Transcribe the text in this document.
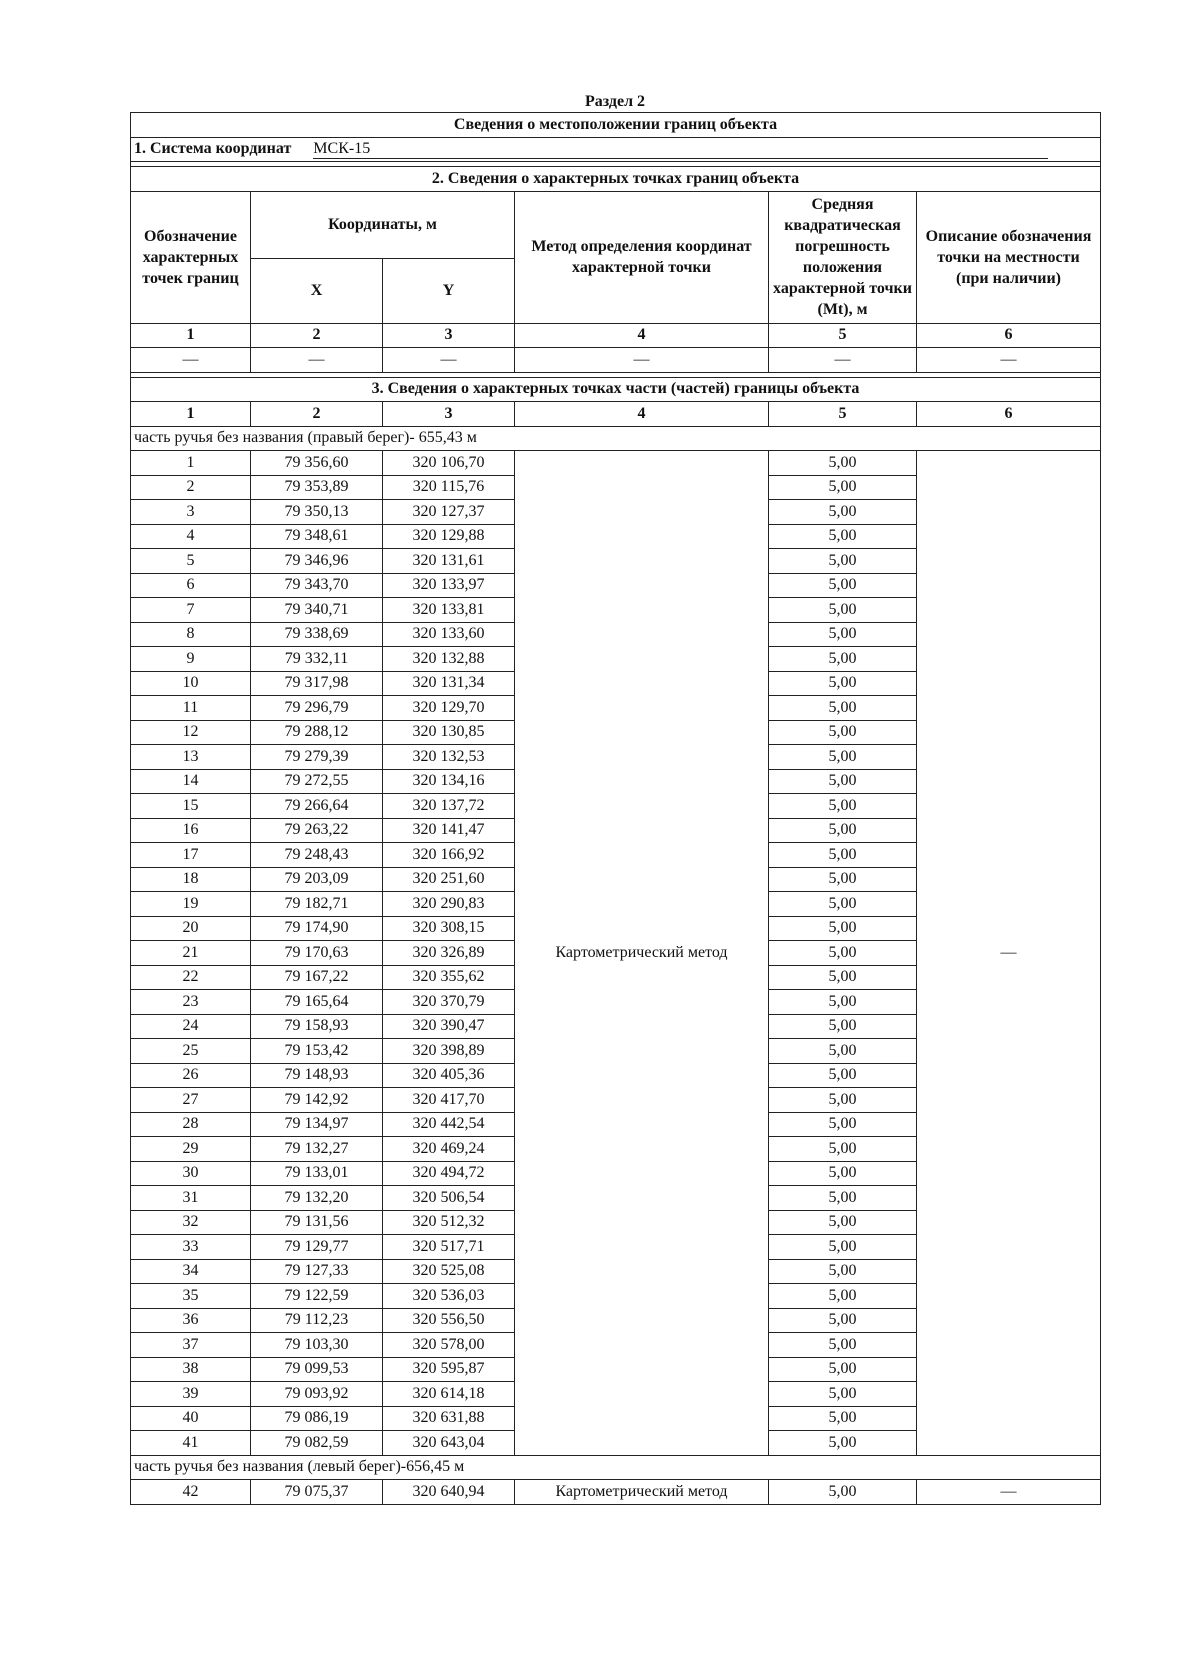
Раздел 2
Сведения о местоположении границ объекта					
1. Система координат МСК-15					

2. Сведения о характерных точках границ объекта					
Обозначение характерных точек границ	Координаты, м		Метод определения координат характерной точки	Средняя квадратическая погрешность положения характерной точки (Mt), м	Описание обозначения точки на местности (при наличии)
	X	Y			
1	2	3	4	5	6
—	—	—	—	—	—

3. Сведения о характерных точках части (частей) границы объекта					
1	2	3	4	5	6
часть ручья без названия (правый берег)- 655,43 м					
1	79 356,60	320 106,70	Картометрический метод	5,00	—
2	79 353,89	320 115,76		5,00	
3	79 350,13	320 127,37		5,00	
4	79 348,61	320 129,88		5,00	
5	79 346,96	320 131,61		5,00	
6	79 343,70	320 133,97		5,00	
7	79 340,71	320 133,81		5,00	
8	79 338,69	320 133,60		5,00	
9	79 332,11	320 132,88		5,00	
10	79 317,98	320 131,34		5,00	
11	79 296,79	320 129,70		5,00	
12	79 288,12	320 130,85		5,00	
13	79 279,39	320 132,53		5,00	
14	79 272,55	320 134,16		5,00	
15	79 266,64	320 137,72		5,00	
16	79 263,22	320 141,47		5,00	
17	79 248,43	320 166,92		5,00	
18	79 203,09	320 251,60		5,00	
19	79 182,71	320 290,83		5,00	
20	79 174,90	320 308,15		5,00	
21	79 170,63	320 326,89		5,00	
22	79 167,22	320 355,62		5,00	
23	79 165,64	320 370,79		5,00	
24	79 158,93	320 390,47		5,00	
25	79 153,42	320 398,89		5,00	
26	79 148,93	320 405,36		5,00	
27	79 142,92	320 417,70		5,00	
28	79 134,97	320 442,54		5,00	
29	79 132,27	320 469,24		5,00	
30	79 133,01	320 494,72		5,00	
31	79 132,20	320 506,54		5,00	
32	79 131,56	320 512,32		5,00	
33	79 129,77	320 517,71		5,00	
34	79 127,33	320 525,08		5,00	
35	79 122,59	320 536,03		5,00	
36	79 112,23	320 556,50		5,00	
37	79 103,30	320 578,00		5,00	
38	79 099,53	320 595,87		5,00	
39	79 093,92	320 614,18		5,00	
40	79 086,19	320 631,88		5,00	
41	79 082,59	320 643,04		5,00	
часть ручья без названия (левый берег)-656,45 м					
42	79 075,37	320 640,94	Картометрический метод	5,00	—
